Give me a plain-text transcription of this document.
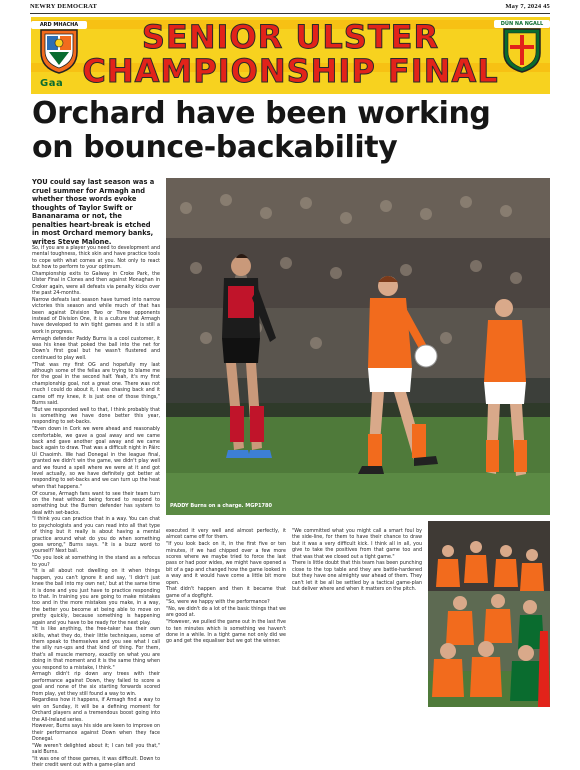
NEWRY DEMOCRAT	May 7, 2024 45
ARD MHACHA	SENIOR ULSTER
CHAMPIONSHIP FINAL
DÚN NA NGALL
Gaa
Orchard have been working
on bounce-backability
YOU could say last season was a cruel summer for Armagh and whether those words evoke thoughts of Taylor Swift or Bananarama or not, the penalties heart-break is etched in most Orchard memory banks, writes Steve Malone.

So, if you are a player you need to development and mental toughness, thick skin and have practice tools to cope with what comes at you. Not only to react but how to perform to your optimum.

Championship exits to Galway in Croke Park, the Ulster Final in Clones and then against Monaghan in Croker again, were all defeats via penalty kicks over the past 24-months.

Narrow defeats last season have turned into narrow victories this season and while much of that has been against Division Two or Three opponents instead of Division One, it is a culture that Armagh have developed to win tight games and it is still a work in progress.

Armagh defender Paddy Burns is a cool customer, it was his knee that poked the ball into the net for Down's first goal but he wasn't flustered and continued to play well.

"That was my first OG and hopefully my last although some of the fellas are trying to blame me for the goal in the second half. Yeah, it's my first championship goal, not a great one. There was not much I could do about it, I was chasing back and it came off my knee, it is just one of those things," Burns said.

"But we responded well to that, I think probably that is something we have done better this year, responding to set-backs.

"Even down in Cork we were ahead and reasonably comfortable, we gave a goal away and we came back and gave another goal away and we came back again to draw. That was a difficult night in Páirc Uí Chaoimh. We had Donegal in the league final, granted we didn't win the game, we didn't play well and we found a spell where we were at it and got level actually, so we have definitely got better at responding to set-backs and we can turn up the heat when that happens."

Of course, Armagh fans want to see their team turn on the heat without being forced to respond to something but the Burren defender has system to deal with set-backs.

"I think you can practice that in a way. You can chat to psychologists and you can read into all that type of thing but it really is about having a mental practice around what do you do when something goes wrong," Burns says. "It is a buzz word to yourself? Next ball.

"Do you look at something in the stand as a refocus to you?

"It is all about not dwelling on it when things happen, you can't ignore it and say, 'I didn't just knee the ball into my own net,' but at the same time it is done and you just have to practice responding to that. In training you are going to make mistakes too and in the more mistakes you make, in a way, the better you become at being able to move on pretty quickly, because something is happening again and you have to be ready for the next play.

"It is like anything, the free-taker has their own skills, what they do, their little techniques, some of them speak to themselves and you see what I call the silly run-ups and that kind of thing. For them, that's all muscle memory, exactly on what you are doing in that moment and it is the same thing when you respond to a mistake, I think."

Armagh didn't rip down any trees with their performance against Down, they failed to score a goal and none of the six starting forwards scored from play, yet they still found a way to win.

Regardless how it happens, if Armagh find a way to win on Sunday, it will be a defining moment for Orchard players and a tremendous boost going into the All-Ireland series.

However, Burns says his side are keen to improve on their performance against Down when they face Donegal.

"We weren't delighted about it; I can tell you that," said Burns.

"It was one of those games, it was difficult. Down to their credit went out with a game-plan and

PADDY Burns on a charge. MGP1780

executed it very well and almost perfectly, it almost came off for them.

"If you look back on it, in the first five or ten minutes, if we had chipped over a few more scores where we maybe tried to force the last pass or had poor wides, we might have opened a bit of a gap and changed how the game looked in a way and it would have come a little bit more open.

That didn't happen and then it became that game of a dogfight.

"So, were we happy with the performance?

"No, we didn't do a lot of the basic things that we are good at.

"However, we pulled the game out in the last five to ten minutes which is something we haven't done in a while. In a tight game not only did we go and get the equaliser but we got the winner.

"We committed what you might call a smart foul by the side-line, for them to have their chance to draw but it was a very difficult kick. I think all in all, you give to take the positives from that game too and that was that we closed out a tight game."

There is little doubt that this team has been punching close to the top table and they are battle-hardened but they have one almighty war ahead of them. They can't let it be all be settled by a tactical game-plan but deliver where and when it matters on the pitch.
